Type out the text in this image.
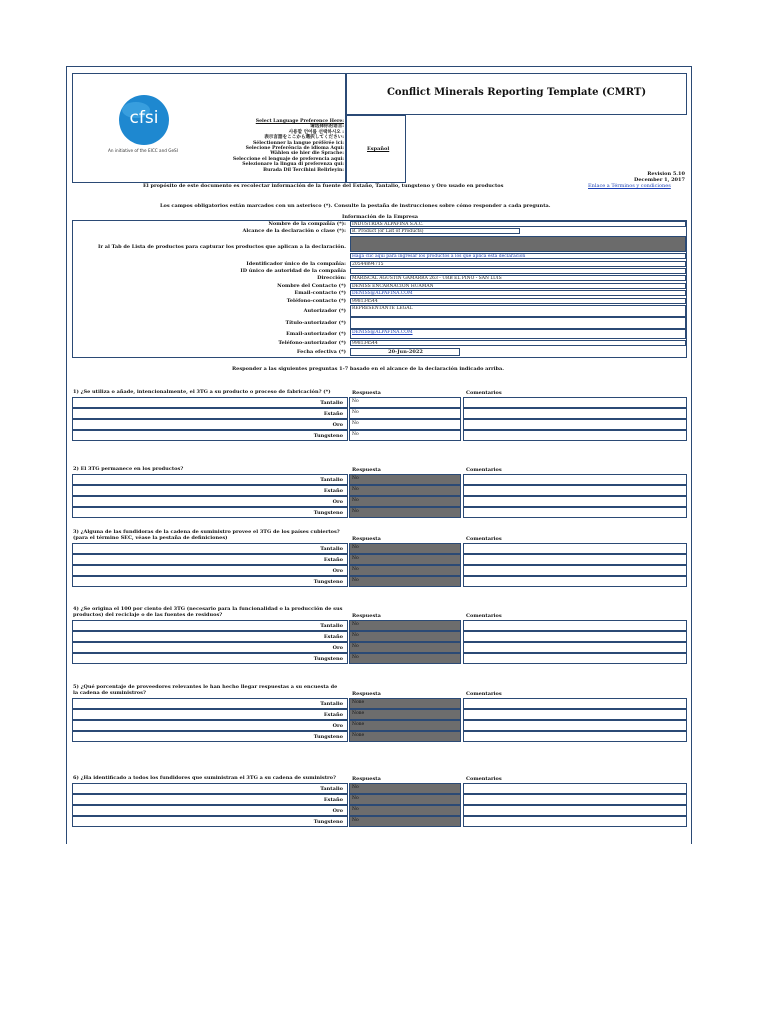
cfsi
An initiative of the EICC and GeSI
Select Language Preference Here:
请选择你的语言:
사용할 언어를 선택하시오 :
表示言語をここから選択してください:
Sélectionner la langue préférée ici:
Selecione Preferência de idioma Aqui:
Wählen sie hier die Sprache:
Seleccione el lenguaje de preferencia aqui:
Selezionare la lingua di preferenza qui:
Burada Dil Tercihini Belirleyin:
Español
Conflict Minerals Reporting Template (CMRT)
Revision 5.10
December 1, 2017
El propósito de este documento es recolectar información de la fuente del Estaño, Tantalio, tungsteno y Oro usado en productos	Enlace a Términos y condiciones
Los campos obligatorios están marcados con un asterisco (*). Consulte la pestaña de instrucciones sobre cómo responder a cada pregunta.
Información de la Empresa
Nombre de la compañía (*):	INDUSTRIAS ALPAFINA S.A.C.
Alcance de la declaración o clase (*):	B. Product (or List of Products)
Ir al Tab de Lista de productos para capturar los productos que aplican a la declaración.
Haga clic aquí para ingresar los productos a los que aplica esta declaración
Identificador único de la compañía:	20544894715
ID único de autoridad de la compañía
Dirección:	MARISCAL AGUSTIN GAMARRA 263 - URB EL PINO - SAN LUIS
Nombre del Contacto (*)	DENISS ENCARNACION HUAMAN
Email-contacto (*)	DENISS@ALPAFINA.COM
Teléfono-contacto (*)	998134544
Autorizador (*)	REPRESENTANTE LEGAL
Título-autorizador (*)
Email-autorizador (*)	DENISS@ALPAFINA.COM
Teléfono-autorizador (*)	998134544
Fecha efectiva (*)	20-Jun-2022
Responder a las siguientes preguntas 1-7 basado en el alcance de la declaración indicado arriba.
1) ¿Se utiliza o añade, intencionalmente, el 3TG a su producto o proceso de fabricación? (*)	Respuesta	Comentarios
Tantalio	No
Estaño	No
Oro	No
Tungsteno	No
2) El 3TG permanece en los productos?	Respuesta	Comentarios
Tantalio	No
Estaño	No
Oro	No
Tungsteno	No
3) ¿Alguna de las fundidoras de la cadena de suministro provee el 3TG de los países cubiertos?
(para el término SEC, véase la pestaña de definiciones)	Respuesta	Comentarios
Tantalio	No
Estaño	No
Oro	No
Tungsteno	No
4) ¿Se origina el 100 por ciento del 3TG (necesario para la funcionalidad o la producción de sus
productos) del reciclaje o de las fuentes de residuos?	Respuesta	Comentarios
Tantalio	No
Estaño	No
Oro	No
Tungsteno	No
5) ¿Qué porcentaje de proveedores relevantes le han hecho llegar respuestas a su encuesta de
la cadena de suministros?	Respuesta	Comentarios
Tantalio	None
Estaño	None
Oro	None
Tungsteno	None
6) ¿Ha identificado a todos los fundidores que suministran el 3TG a su cadena de suministro?	Respuesta	Comentarios
Tantalio	No
Estaño	No
Oro	No
Tungsteno	No
